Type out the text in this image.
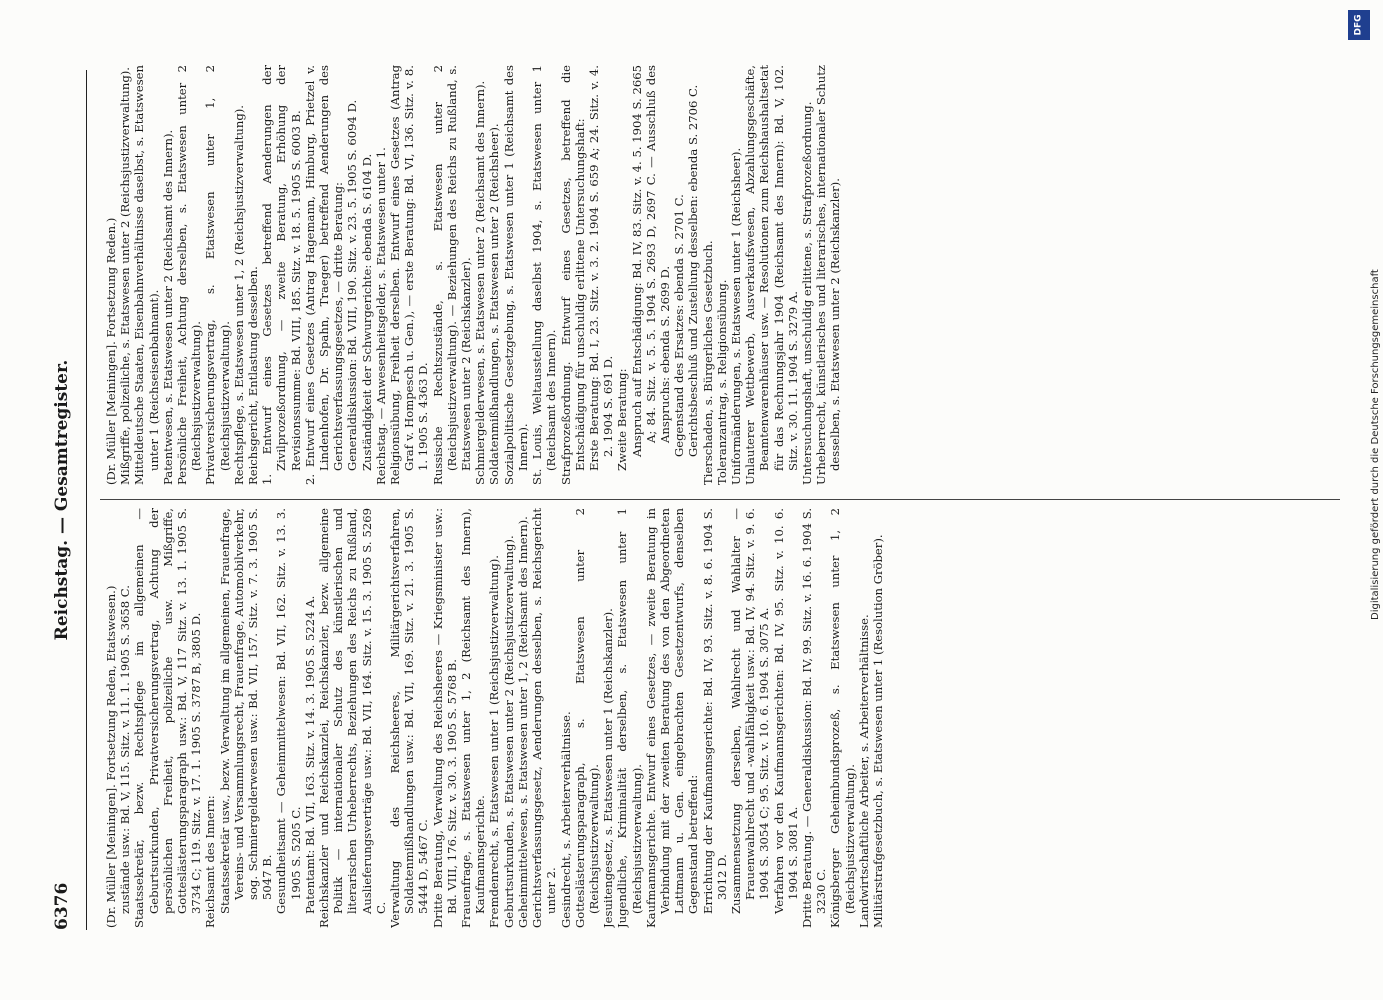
6376
Reichstag. — Gesamtregister.
(Dr. Müller [Meiningen]. Fortsetzung Reden, Etatswesen.) zuständе usw.: Bd. V, 115. Sitz. v. 11. 1. 1905 S. 3658 C. Staatssekretär, bezw. Rechtspflege im allgemeinen — Geburtsurkunden, Privatversicherungsvertrag, Achtung der persönlichen Freiheit, polizeiliche usw. Mißgriffe, Gotteslästerungsparagraph usw.: Bd. V, 117 Sitz. v. 13. 1. 1905 S. 3734 C; 119. Sitz. v. 17. 1. 1905 S. 3787 B, 3805 D. Reichsamt des Innern: Staatssekretär usw., bezw. Verwaltung im allgemeinen, Frauenfrage, Vereins- und Versammlungsrecht, Frauenfrage, Automobilverkehr, sog. Schmiergelderwesen usw.: Bd. VII, 157. Sitz. v. 7. 3. 1905 S. 5047 B. Gesundheitsamt — Geheimmittelwesen: Bd. VII, 162. Sitz. v. 13. 3. 1905 S. 5205 C. Patentamt: Bd. VII, 163. Sitz. v. 14. 3. 1905 S. 5224 A. Reichskanzler und Reichskanzlei, Reichskanzler, bezw. allgemeine Politik — internationaler Schutz des künstlerischen und literarischen Urheberrechts, Beziehungen des Reichs zu Rußland, Auslieferungsverträge usw.: Bd. VII, 164. Sitz. v. 15. 3. 1905 S. 5269 C. Verwaltung des Reichsheeres, Militärgerichtsverfahren, Soldatenmißhandlungen usw.: Bd. VII, 169. Sitz. v. 21. 3. 1905 S. 5444 D, 5467 C. Dritte Beratung, Verwaltung des Reichsheeres — Kriegsminister usw.: Bd. VIII, 176. Sitz. v. 30. 3. 1905 S. 5768 B. Frauenfrage, s. Etatswesen unter 1, 2 (Reichsamt des Innern), Kaufmannsgerichte. Fremdenrecht, s. Etatswesen unter 1 (Reichsjustizverwaltung). Geburtsurkunden, s. Etatswesen unter 2 (Reichsjustizverwaltung). Geheimmittelwesen, s. Etatswesen unter 1, 2 (Reichsamt des Innern). Gerichtsverfassungsgesetz, Aenderungen desselben, s. Reichsgericht unter 2. Gesindrecht, s. Arbeiterverhältnisse. Gotteslästerungsparagraph, s. Etatswesen unter 2 (Reichsjustizverwaltung). Jesuitengesetz, s. Etatswesen unter 1 (Reichskanzler). Jugendliche, Kriminalität derselben, s. Etatswesen unter 1 (Reichsjustizverwaltung). Kaufmannsgerichte. Entwurf eines Gesetzes, — zweite Beratung in Verbindung mit der zweiten Beratung des von den Abgeordneten Lattmann u. Gen. eingebrachten Gesetzentwurfs, denselben Gegenstand betreffend: Errichtung der Kaufmannsgerichte: Bd. IV, 93. Sitz. v. 8. 6. 1904 S. 3012 D. Zusammensetzung derselben, Wahlrecht und Wahlalter — Frauenwahlrecht und -wahlfähigkeit usw.: Bd. IV, 94. Sitz. v. 9. 6. 1904 S. 3054 C; 95. Sitz. v. 10. 6. 1904 S. 3075 A. Verfahren vor den Kaufmannsgerichten: Bd. IV, 95. Sitz. v. 10. 6. 1904 S. 3081 A. Dritte Beratung. — Generaldiskussion: Bd. IV, 99. Sitz. v. 16. 6. 1904 S. 3230 C. Königsberger Geheimbundsprozeß, s. Etatswesen unter 1, 2 (Reichsjustizverwaltung). Landwirtschaftliche Arbeiter, s. Arbeiterverhältnisse. Militärstrafgesetzbuch, s. Etatswesen unter 1 (Resolution Gröber).
(Dr. Müller [Meiningen]. Fortsetzung Reden.) Mißgriffe, polizeiliche, s. Etatswesen unter 2 (Reichsjustizverwaltung). Mitteldeutsche Staaten, Eisenbahnverhältnisse daselbst, s. Etatswesen unter 1 (Reichseisenbahnamt). Patentwesen, s. Etatswesen unter 2 (Reichsamt des Innern). Persönliche Freiheit, Achtung derselben, s. Etatswesen unter 2 (Reichsjustizverwaltung). Privatversicherungsvertrag, s. Etatswesen unter 1, 2 (Reichsjustizverwaltung). Rechtspflege, s. Etatswesen unter 1, 2 (Reichsjustizverwaltung). Reichsgericht, Entlastung desselben. 1. Entwurf eines Gesetzes betreffend Aenderungen der Zivilprozeßordnung, — zweite Beratung, Erhöhung der Revisionssumme: Bd. VIII, 185. Sitz. v. 18. 5. 1905 S. 6003 B. 2. Entwurf eines Gesetzes (Antrag Hagemann, Himburg, Prietzel v. Lindenhofen, Dr. Spahn, Traeger) betreffend Aenderungen des Gerichtsverfassungsgesetzes, — dritte Beratung: Generaldiskussion: Bd. VIII, 190. Sitz. v. 23. 5. 1905 S. 6094 D. Zuständigkeit der Schwurgerichte: ebenda S. 6104 D. Reichstag. — Anwesenheitsgelder, s. Etatswesen unter 1. Religionsübung, Freiheit derselben. Entwurf eines Gesetzes (Antrag Graf v. Hompesch u. Gen.), — erste Beratung: Bd. VI, 136. Sitz. v. 8. 1. 1905 S. 4363 D. Russische Rechtszustände, s. Etatswesen unter 2 (Reichsjustizverwaltung). — Beziehungen des Reichs zu Rußland, s. Etatswesen unter 2 (Reichskanzler). Schmiergelderwesen, s. Etatswesen unter 2 (Reichsamt des Innern). Soldatenmißhandlungen, s. Etatswesen unter 2 (Reichsheer). Sozialpolitische Gesetzgebung, s. Etatswesen unter 1 (Reichsamt des Innern). St. Louis, Weltausstellung daselbst 1904, s. Etatswesen unter 1 (Reichsamt des Innern). Strafprozeßordnung. Entwurf eines Gesetzes, betreffend die Entschädigung für unschuldig erlittene Untersuchungshaft: Erste Beratung: Bd. I, 23. Sitz. v. 3. 2. 1904 S. 659 A; 24. Sitz. v. 4. 2. 1904 S. 691 D. Zweite Beratung: Anspruch auf Entschädigung: Bd. IV, 83. Sitz. v. 4. 5. 1904 S. 2665 A; 84. Sitz. v. 5. 5. 1904 S. 2693 D, 2697 C. — Ausschluß des Anspruchs: ebenda S. 2699 D. Gegenstand des Ersatzes: ebenda S. 2701 C. Gerichtsbeschluß und Zustellung desselben: ebenda S. 2706 C. Tierschaden, s. Bürgerliches Gesetzbuch. Toleranzantrag, s. Religionsübung. Uniformänderungen, s. Etatswesen unter 1 (Reichsheer). Unlauterer Wettbewerb, Ausverkaufswesen, Abzahlungsgeschäfte, Beamtenwarenhäuser usw. — Resolutionen zum Reichshaushaltsetat für das Rechnungsjahr 1904 (Reichsamt des Innern): Bd. V, 102. Sitz. v. 30. 11. 1904 S. 3279 A. Untersuchungshaft, unschuldig erlittene, s. Strafprozeßordnung. Urheberrecht, künstlerisches und literarisches, internationaler Schutz desselben, s. Etatswesen unter 2 (Reichskanzler).
DFG
Digitalisierung gefördert durch die Deutsche Forschungsgemeinschaft
